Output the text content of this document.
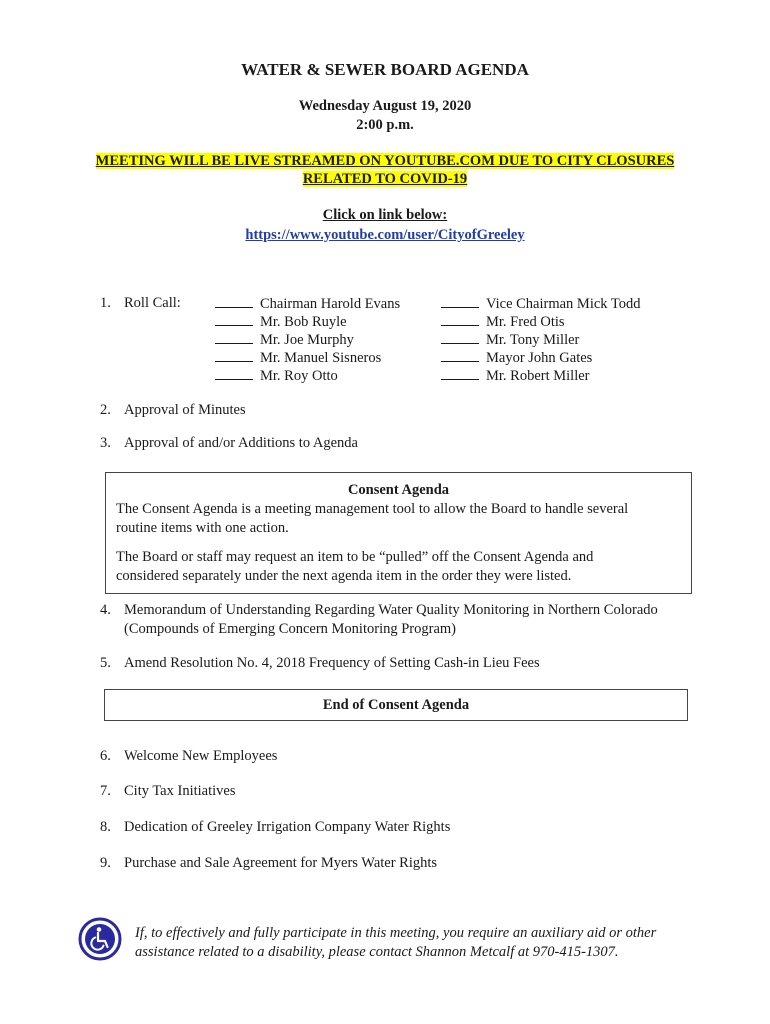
WATER & SEWER BOARD AGENDA
Wednesday August 19, 2020
2:00 p.m.
MEETING WILL BE LIVE STREAMED ON YOUTUBE.COM DUE TO CITY CLOSURES
RELATED TO COVID-19
Click on link below:
https://www.youtube.com/user/CityofGreeley
1. Roll Call:	Chairman Harold Evans
Mr. Bob Ruyle
Mr. Joe Murphy
Mr. Manuel Sisneros
Mr. Roy Otto
Vice Chairman Mick Todd
Mr. Fred Otis
Mr. Tony Miller
Mayor John Gates
Mr. Robert Miller
2. Approval of Minutes
3. Approval of and/or Additions to Agenda
Consent Agenda

The Consent Agenda is a meeting management tool to allow the Board to handle several
routine items with one action.

The Board or staff may request an item to be “pulled” off the Consent Agenda and
considered separately under the next agenda item in the order they were listed.

4. Memorandum of Understanding Regarding Water Quality Monitoring in Northern Colorado
(Compounds of Emerging Concern Monitoring Program)
5. Amend Resolution No. 4, 2018 Frequency of Setting Cash-in Lieu Fees
End of Consent Agenda
6. Welcome New Employees
7. City Tax Initiatives
8. Dedication of Greeley Irrigation Company Water Rights
9. Purchase and Sale Agreement for Myers Water Rights
If, to effectively and fully participate in this meeting, you require an auxiliary aid or other
assistance related to a disability, please contact Shannon Metcalf at 970-415-1307.
